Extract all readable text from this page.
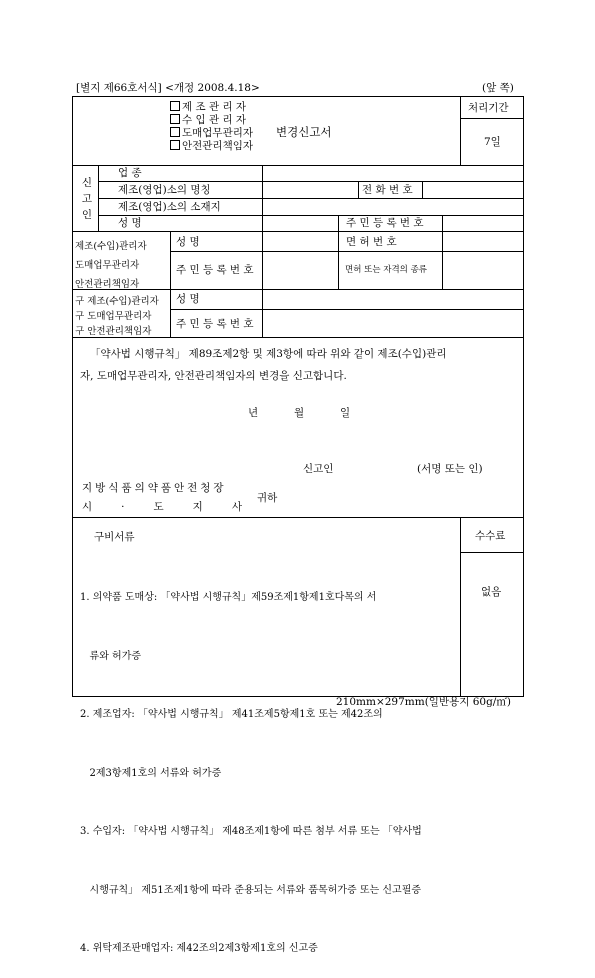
[별지 제66호서식] <개정 2008.4.18>	(앞 쪽)
제 조 관 리 자
수 입 관 리 자
도매업무관리자
안전관리책임자
변경신고서
처리기간
7일
신
고
인
업 종
제조(영업)소의 명칭	전 화 번 호
제조(영업)소의 소재지
성 명	주 민 등 록 번 호
제조(수입)관리자
도매업무관리자
안전관리책임자
성 명	면 허 번 호
주 민 등 록 번 호	면허 또는 자격의 종류
구 제조(수입)관리자
구 도매업무관리자
구 안전관리책임자
성 명
주 민 등 록 번 호
「약사법 시행규칙」 제89조제2항 및 제3항에 따라 위와 같이 제조(수입)관리
자, 도매업무관리자, 안전관리책임자의 변경을 신고합니다.
년	월	일
신고인	(서명 또는 인)
지방식품의약품안전청장
시	·	도	지	사
귀하
구비서류

1. 의약품 도매상: 「약사법 시행규칙」제59조제1항제1호다목의 서

류와 허가증

2. 제조업자: 「약사법 시행규칙」 제41조제5항제1호 또는 제42조의

2제3항제1호의 서류와 허가증

3. 수입자: 「약사법 시행규칙」 제48조제1항에 따른 첨부 서류 또는 「약사법

시행규칙」 제51조제1항에 따라 준용되는 서류와 품목허가증 또는 신고필증

4. 위탁제조판매업자: 제42조의2제3항제1호의 신고증

수수료
없음
210mm×297mm(일반용지 60g/㎡)
